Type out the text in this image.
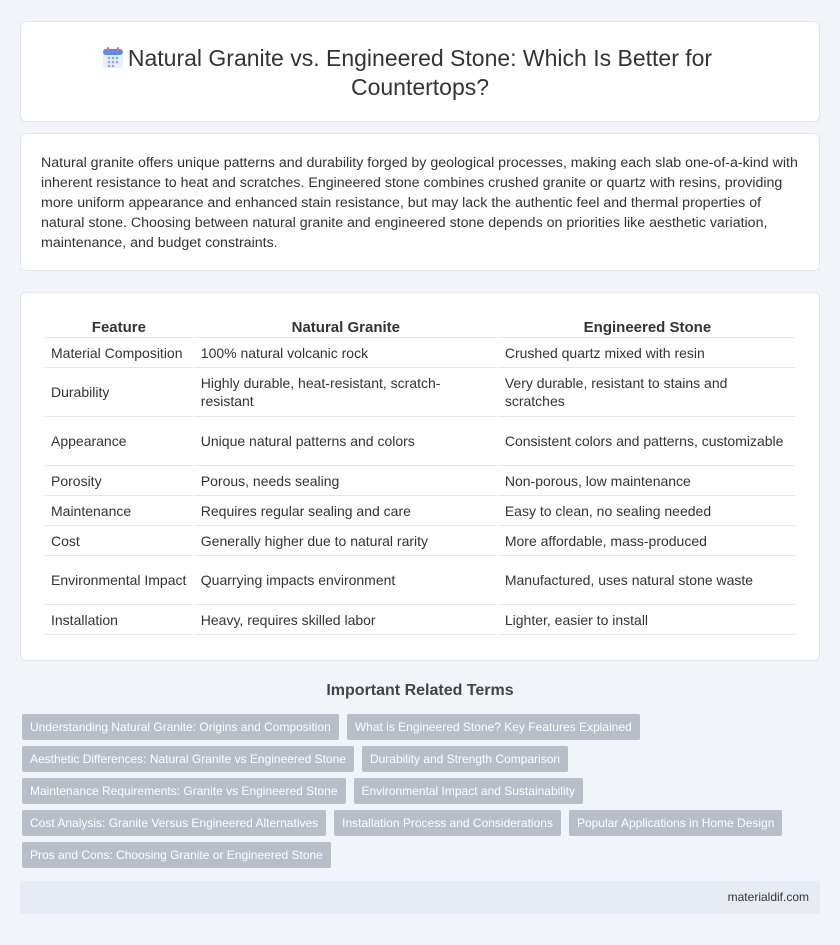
Natural Granite vs. Engineered Stone: Which Is Better for Countertops?

Natural granite offers unique patterns and durability forged by geological processes, making each slab one-of-a-kind with inherent resistance to heat and scratches. Engineered stone combines crushed granite or quartz with resins, providing more uniform appearance and enhanced stain resistance, but may lack the authentic feel and thermal properties of natural stone. Choosing between natural granite and engineered stone depends on priorities like aesthetic variation, maintenance, and budget constraints.

Feature	Natural Granite	Engineered Stone
Material Composition	100% natural volcanic rock	Crushed quartz mixed with resin
Durability	Highly durable, heat-resistant, scratch-resistant	Very durable, resistant to stains and scratches
Appearance	Unique natural patterns and colors	Consistent colors and patterns, customizable
Porosity	Porous, needs sealing	Non-porous, low maintenance
Maintenance	Requires regular sealing and care	Easy to clean, no sealing needed
Cost	Generally higher due to natural rarity	More affordable, mass-produced
Environmental Impact	Quarrying impacts environment	Manufactured, uses natural stone waste
Installation	Heavy, requires skilled labor	Lighter, easier to install
Important Related Terms
Understanding Natural Granite: Origins and Composition	What is Engineered Stone? Key Features Explained
Aesthetic Differences: Natural Granite vs Engineered Stone	Durability and Strength Comparison
Maintenance Requirements: Granite vs Engineered Stone	Environmental Impact and Sustainability
Cost Analysis: Granite Versus Engineered Alternatives	Installation Process and Considerations	Popular Applications in Home Design
Pros and Cons: Choosing Granite or Engineered Stone
materialdif.com
